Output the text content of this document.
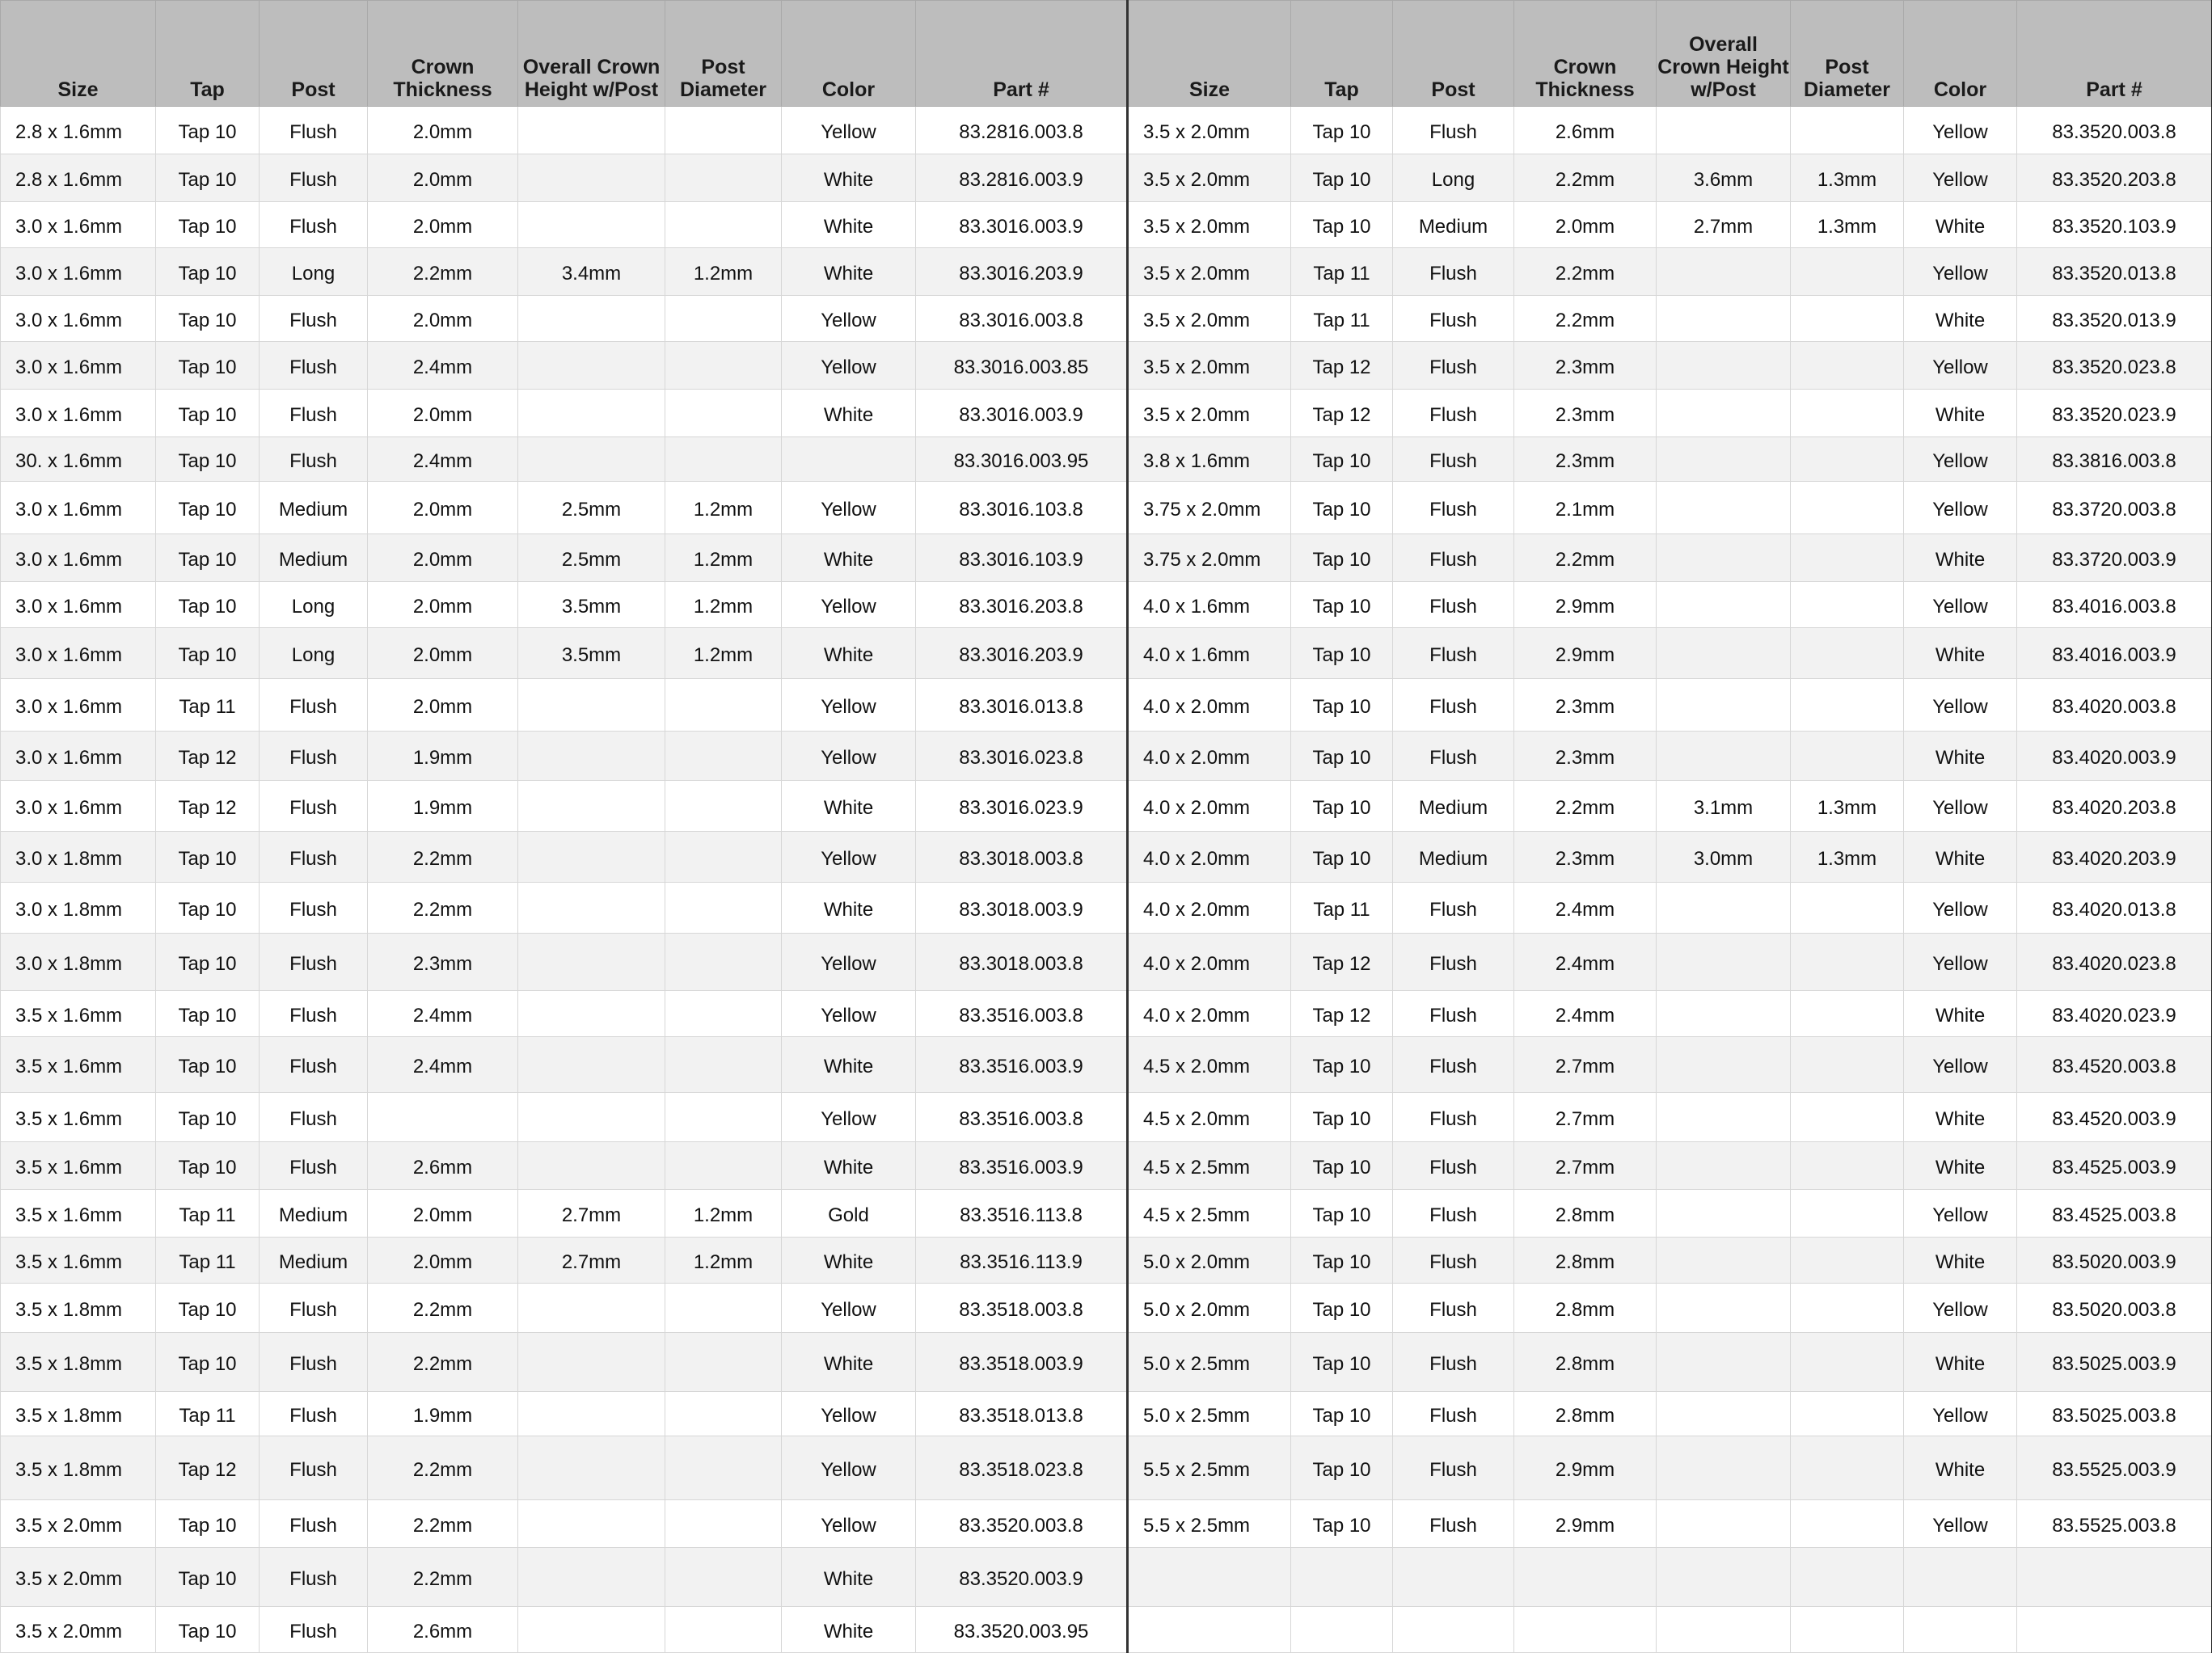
Size	Tap	Post	Crown Thickness	Overall Crown Height w/Post	Post Diameter	Color	Part #	Size	Tap	Post	Crown Thickness	Overall Crown Height w/Post	Post Diameter	Color	Part #
2.8 x 1.6mm	Tap 10	Flush	2.0mm			Yellow	83.2816.003.8	3.5 x 2.0mm	Tap 10	Flush	2.6mm			Yellow	83.3520.003.8
2.8 x 1.6mm	Tap 10	Flush	2.0mm			White	83.2816.003.9	3.5 x 2.0mm	Tap 10	Long	2.2mm	3.6mm	1.3mm	Yellow	83.3520.203.8
3.0 x 1.6mm	Tap 10	Flush	2.0mm			White	83.3016.003.9	3.5 x 2.0mm	Tap 10	Medium	2.0mm	2.7mm	1.3mm	White	83.3520.103.9
3.0 x 1.6mm	Tap 10	Long	2.2mm	3.4mm	1.2mm	White	83.3016.203.9	3.5 x 2.0mm	Tap 11	Flush	2.2mm			Yellow	83.3520.013.8
3.0 x 1.6mm	Tap 10	Flush	2.0mm			Yellow	83.3016.003.8	3.5 x 2.0mm	Tap 11	Flush	2.2mm			White	83.3520.013.9
3.0 x 1.6mm	Tap 10	Flush	2.4mm			Yellow	83.3016.003.85	3.5 x 2.0mm	Tap 12	Flush	2.3mm			Yellow	83.3520.023.8
3.0 x 1.6mm	Tap 10	Flush	2.0mm			White	83.3016.003.9	3.5 x 2.0mm	Tap 12	Flush	2.3mm			White	83.3520.023.9
30. x 1.6mm	Tap 10	Flush	2.4mm				83.3016.003.95	3.8 x 1.6mm	Tap 10	Flush	2.3mm			Yellow	83.3816.003.8
3.0 x 1.6mm	Tap 10	Medium	2.0mm	2.5mm	1.2mm	Yellow	83.3016.103.8	3.75 x 2.0mm	Tap 10	Flush	2.1mm			Yellow	83.3720.003.8
3.0 x 1.6mm	Tap 10	Medium	2.0mm	2.5mm	1.2mm	White	83.3016.103.9	3.75 x 2.0mm	Tap 10	Flush	2.2mm			White	83.3720.003.9
3.0 x 1.6mm	Tap 10	Long	2.0mm	3.5mm	1.2mm	Yellow	83.3016.203.8	4.0 x 1.6mm	Tap 10	Flush	2.9mm			Yellow	83.4016.003.8
3.0 x 1.6mm	Tap 10	Long	2.0mm	3.5mm	1.2mm	White	83.3016.203.9	4.0 x 1.6mm	Tap 10	Flush	2.9mm			White	83.4016.003.9
3.0 x 1.6mm	Tap 11	Flush	2.0mm			Yellow	83.3016.013.8	4.0 x 2.0mm	Tap 10	Flush	2.3mm			Yellow	83.4020.003.8
3.0 x 1.6mm	Tap 12	Flush	1.9mm			Yellow	83.3016.023.8	4.0 x 2.0mm	Tap 10	Flush	2.3mm			White	83.4020.003.9
3.0 x 1.6mm	Tap 12	Flush	1.9mm			White	83.3016.023.9	4.0 x 2.0mm	Tap 10	Medium	2.2mm	3.1mm	1.3mm	Yellow	83.4020.203.8
3.0 x 1.8mm	Tap 10	Flush	2.2mm			Yellow	83.3018.003.8	4.0 x 2.0mm	Tap 10	Medium	2.3mm	3.0mm	1.3mm	White	83.4020.203.9
3.0 x 1.8mm	Tap 10	Flush	2.2mm			White	83.3018.003.9	4.0 x 2.0mm	Tap 11	Flush	2.4mm			Yellow	83.4020.013.8
3.0 x 1.8mm	Tap 10	Flush	2.3mm			Yellow	83.3018.003.8	4.0 x 2.0mm	Tap 12	Flush	2.4mm			Yellow	83.4020.023.8
3.5 x 1.6mm	Tap 10	Flush	2.4mm			Yellow	83.3516.003.8	4.0 x 2.0mm	Tap 12	Flush	2.4mm			White	83.4020.023.9
3.5 x 1.6mm	Tap 10	Flush	2.4mm			White	83.3516.003.9	4.5 x 2.0mm	Tap 10	Flush	2.7mm			Yellow	83.4520.003.8
3.5 x 1.6mm	Tap 10	Flush				Yellow	83.3516.003.8	4.5 x 2.0mm	Tap 10	Flush	2.7mm			White	83.4520.003.9
3.5 x 1.6mm	Tap 10	Flush	2.6mm			White	83.3516.003.9	4.5 x 2.5mm	Tap 10	Flush	2.7mm			White	83.4525.003.9
3.5 x 1.6mm	Tap 11	Medium	2.0mm	2.7mm	1.2mm	Gold	83.3516.113.8	4.5 x 2.5mm	Tap 10	Flush	2.8mm			Yellow	83.4525.003.8
3.5 x 1.6mm	Tap 11	Medium	2.0mm	2.7mm	1.2mm	White	83.3516.113.9	5.0 x 2.0mm	Tap 10	Flush	2.8mm			White	83.5020.003.9
3.5 x 1.8mm	Tap 10	Flush	2.2mm			Yellow	83.3518.003.8	5.0 x 2.0mm	Tap 10	Flush	2.8mm			Yellow	83.5020.003.8
3.5 x 1.8mm	Tap 10	Flush	2.2mm			White	83.3518.003.9	5.0 x 2.5mm	Tap 10	Flush	2.8mm			White	83.5025.003.9
3.5 x 1.8mm	Tap 11	Flush	1.9mm			Yellow	83.3518.013.8	5.0 x 2.5mm	Tap 10	Flush	2.8mm			Yellow	83.5025.003.8
3.5 x 1.8mm	Tap 12	Flush	2.2mm			Yellow	83.3518.023.8	5.5 x 2.5mm	Tap 10	Flush	2.9mm			White	83.5525.003.9
3.5 x 2.0mm	Tap 10	Flush	2.2mm			Yellow	83.3520.003.8	5.5 x 2.5mm	Tap 10	Flush	2.9mm			Yellow	83.5525.003.8
3.5 x 2.0mm	Tap 10	Flush	2.2mm			White	83.3520.003.9								
3.5 x 2.0mm	Tap 10	Flush	2.6mm			White	83.3520.003.95								
